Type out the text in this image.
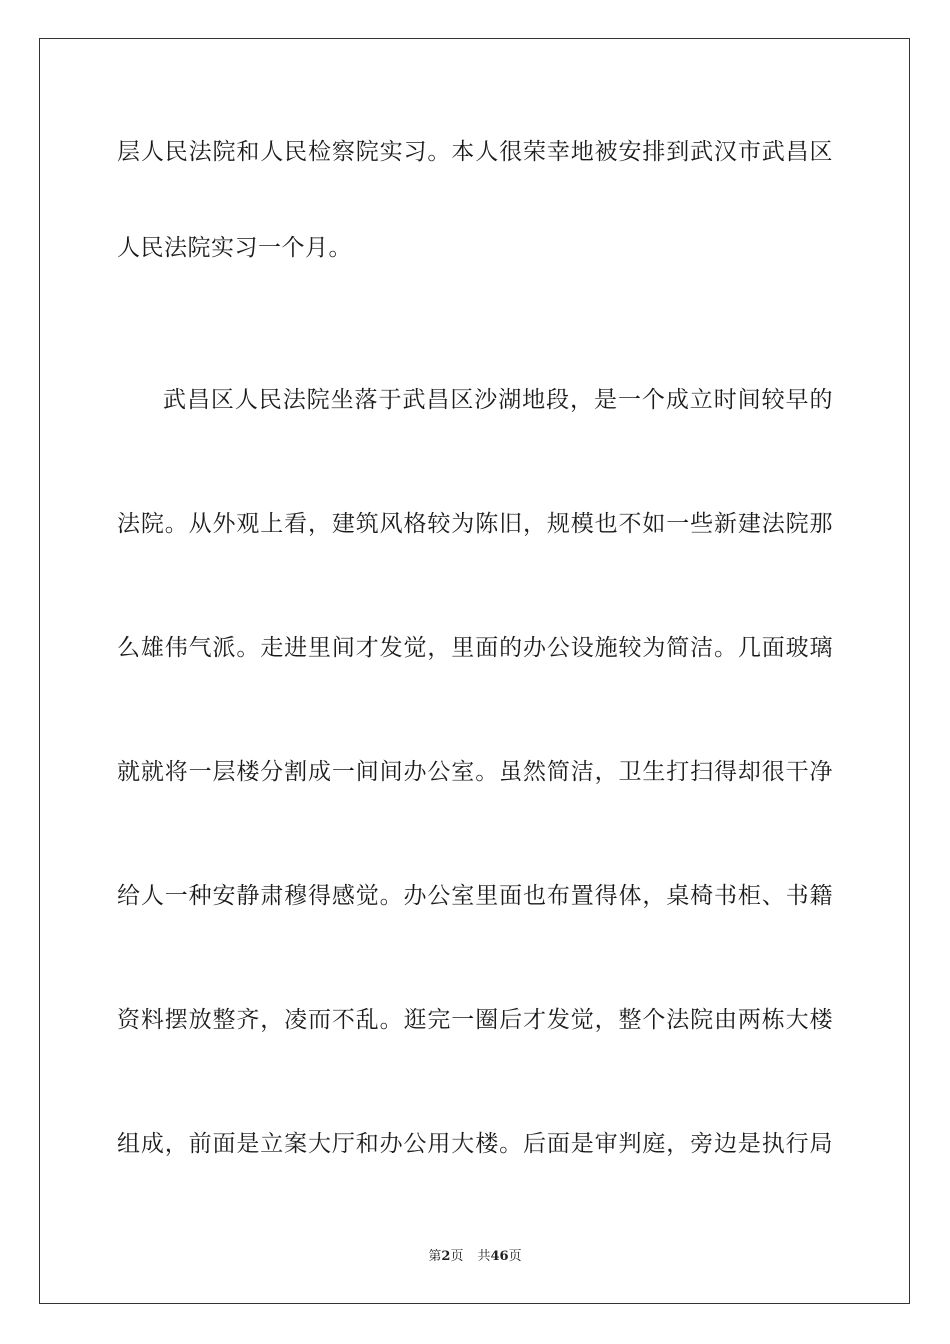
层人民法院和人民检察院实习。本人很荣幸地被安排到武汉市武昌区
人民法院实习一个月。
武昌区人民法院坐落于武昌区沙湖地段，是一个成立时间较早的
法院。从外观上看，建筑风格较为陈旧，规模也不如一些新建法院那
么雄伟气派。走进里间才发觉，里面的办公设施较为简洁。几面玻璃
就就将一层楼分割成一间间办公室。虽然简洁，卫生打扫得却很干净
给人一种安静肃穆得感觉。办公室里面也布置得体，桌椅书柜、书籍
资料摆放整齐，凌而不乱。逛完一圈后才发觉，整个法院由两栋大楼
组成，前面是立案大厅和办公用大楼。后面是审判庭，旁边是执行局
第2页 共46页
